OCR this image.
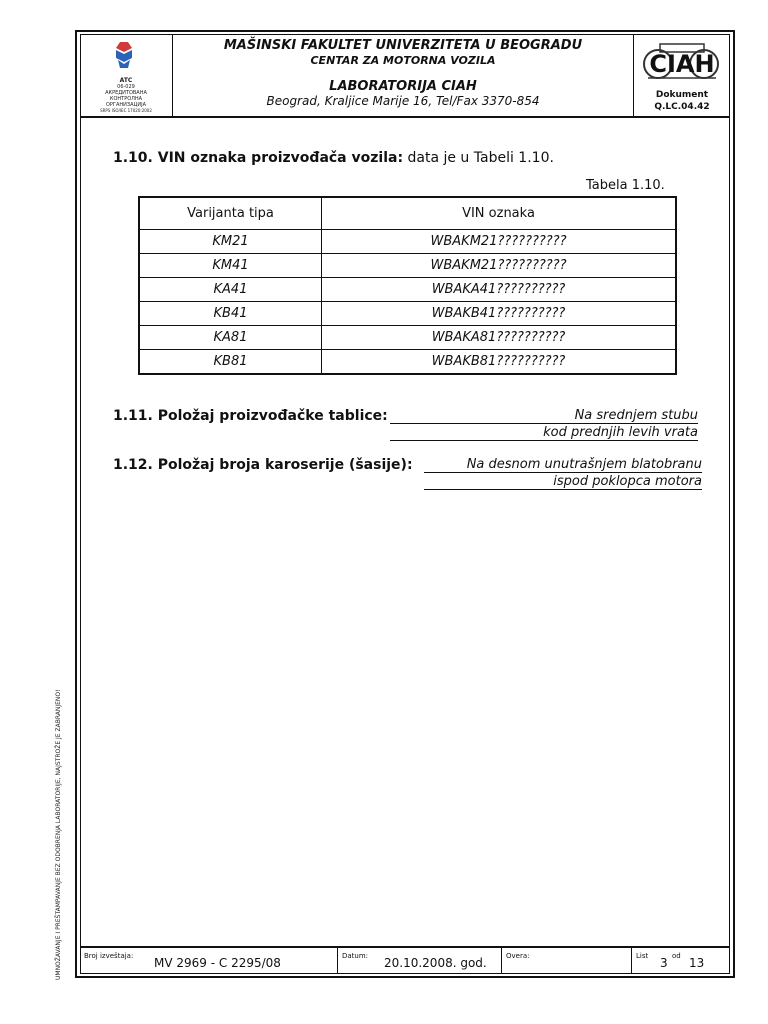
ATC
06-029
АКРЕДИТОВАНА
КОНТРОЛНА
ОРГАНИЗАЦИЈА
SRPS ISO/IEC 17020:2002
MAŠINSKI FAKULTET UNIVERZITETA U BEOGRADU
CENTAR ZA MOTORNA VOZILA
LABORATORIJA CIAH
Beograd, Kraljice Marije 16, Tel/Fax 3370-854
CIAH
Dokument
Q.LC.04.42
1.10. VIN oznaka proizvođača vozila: data je u Tabeli 1.10.
Tabela 1.10.
Varijanta tipa	VIN oznaka
KM21	WBAKM21??????????
KM41	WBAKM21??????????
KA41	WBAKA41??????????
KB41	WBAKB41??????????
KA81	WBAKA81??????????
KB81	WBAKB81??????????
1.11. Položaj proizvođačke tablice:	Na srednjem stubu
kod prednjih levih vrata
1.12. Položaj broja karoserije (šasije):	Na desnom unutrašnjem blatobranu
ispod poklopca motora
Broj izveštaja: MV 2969 - C 2295/08	Datum: 20.10.2008. god.	Overa:	List 3 od 13
UMNOŽAVANJE I PREŠTAMPAVANJE BEZ ODOBRENJA LABORATORIJE, NAJSTROŽE JE ZABRANJENO!
